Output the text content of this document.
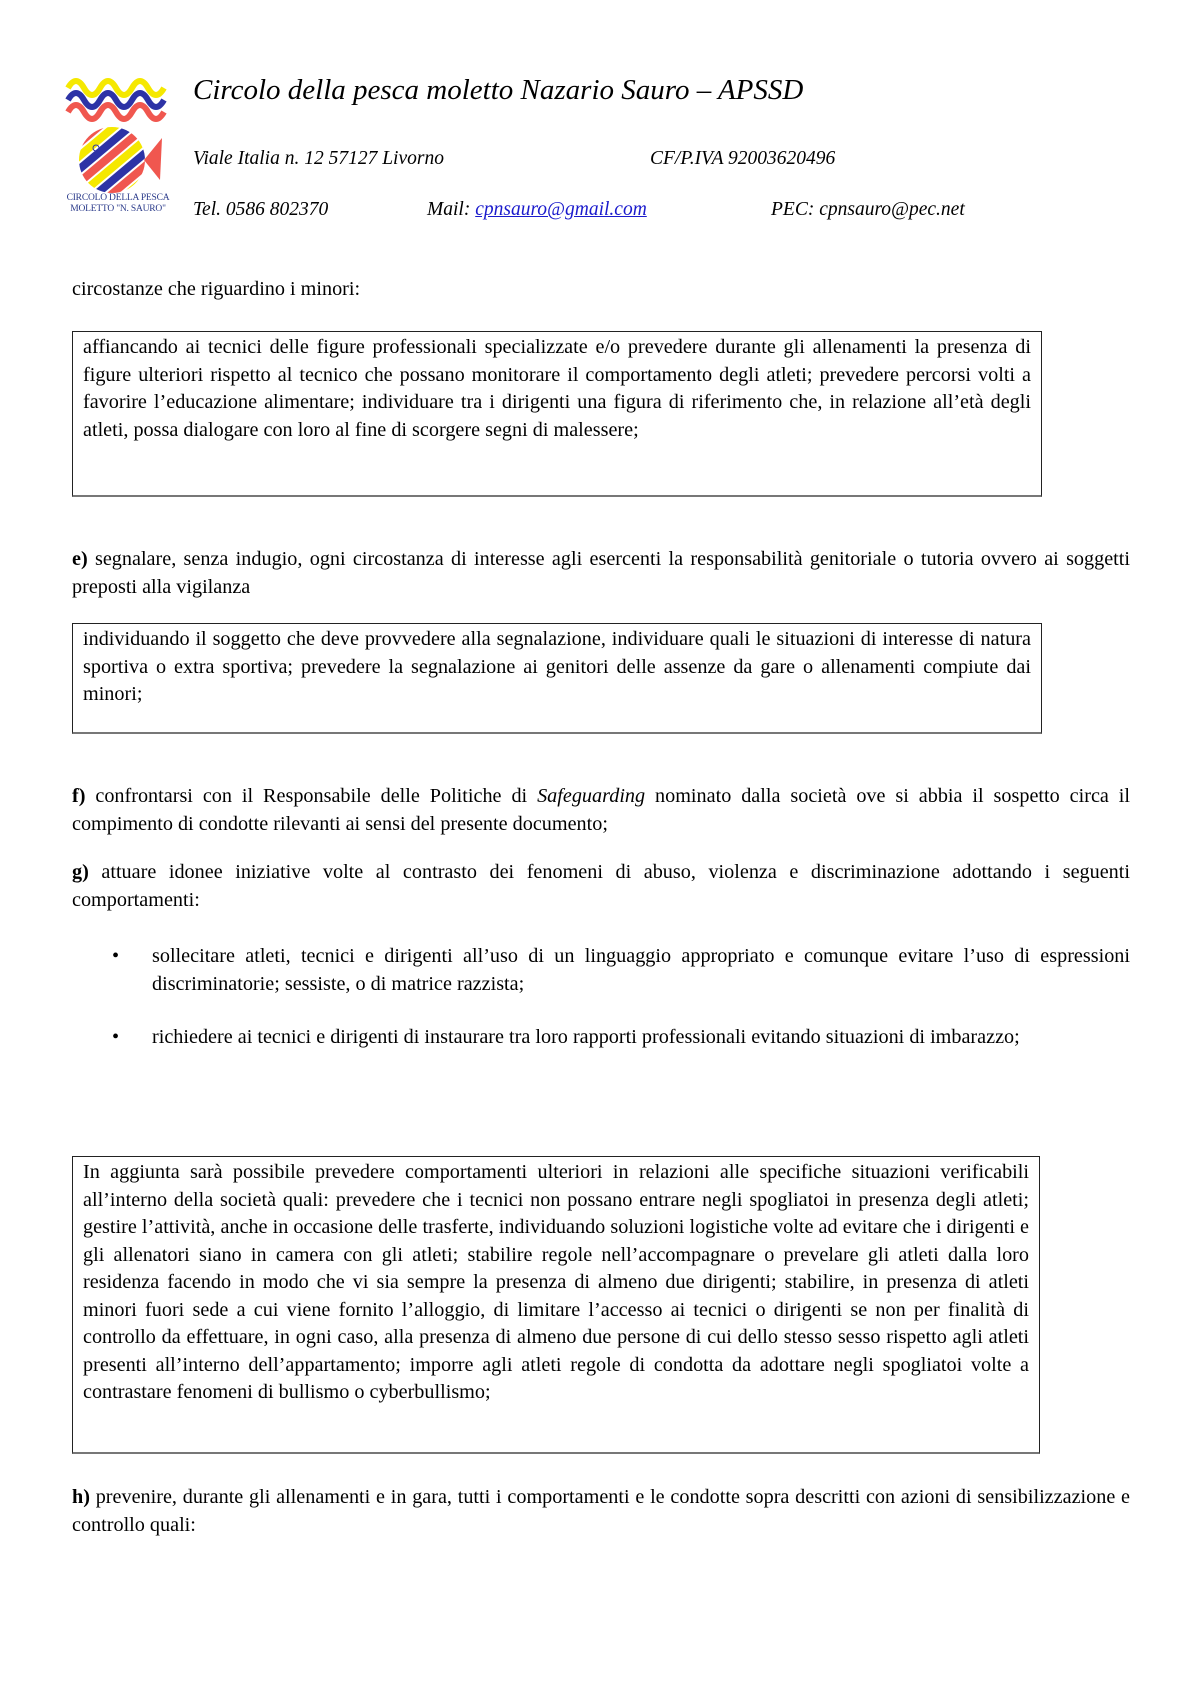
CIRCOLO DELLA PESCA
MOLETTO "N. SAURO"
Circolo della pesca moletto Nazario Sauro – APSSD
Viale Italia n. 12 57127 Livorno	CF/P.IVA 92003620496
Tel. 0586 802370	Mail: cpnsauro@gmail.com	PEC: cpnsauro@pec.net
circostanze che riguardino i minori:
affiancando ai tecnici delle figure professionali specializzate e/o prevedere durante gli allenamenti la presenza di figure ulteriori rispetto al tecnico che possano monitorare il comportamento degli atleti; prevedere percorsi volti a favorire l’educazione alimentare; individuare tra i dirigenti una figura di riferimento che, in relazione all’età degli atleti, possa dialogare con loro al fine di scorgere segni di malessere;
e) segnalare, senza indugio, ogni circostanza di interesse agli esercenti la responsabilità genitoriale o tutoria ovvero ai soggetti preposti alla vigilanza
individuando il soggetto che deve provvedere alla segnalazione, individuare quali le situazioni di interesse di natura sportiva o extra sportiva; prevedere la segnalazione ai genitori delle assenze da gare o allenamenti compiute dai minori;
f) confrontarsi con il Responsabile delle Politiche di Safeguarding nominato dalla società ove si abbia il sospetto circa il compimento di condotte rilevanti ai sensi del presente documento;
g) attuare idonee iniziative volte al contrasto dei fenomeni di abuso, violenza e discriminazione adottando i seguenti comportamenti:
• sollecitare atleti, tecnici e dirigenti all’uso di un linguaggio appropriato e comunque evitare l’uso di espressioni discriminatorie; sessiste, o di matrice razzista;
• richiedere ai tecnici e dirigenti di instaurare tra loro rapporti professionali evitando situazioni di imbarazzo;
In aggiunta sarà possibile prevedere comportamenti ulteriori in relazioni alle specifiche situazioni verificabili all’interno della società quali: prevedere che i tecnici non possano entrare negli spogliatoi in presenza degli atleti; gestire l’attività, anche in occasione delle trasferte, individuando soluzioni logistiche volte ad evitare che i dirigenti e gli allenatori siano in camera con gli atleti; stabilire regole nell’accompagnare o prevelare gli atleti dalla loro residenza facendo in modo che vi sia sempre la presenza di almeno due dirigenti; stabilire, in presenza di atleti minori fuori sede a cui viene fornito l’alloggio, di limitare l’accesso ai tecnici o dirigenti se non per finalità di controllo da effettuare, in ogni caso, alla presenza di almeno due persone di cui dello stesso sesso rispetto agli atleti presenti all’interno dell’appartamento; imporre agli atleti regole di condotta da adottare negli spogliatoi volte a contrastare fenomeni di bullismo o cyberbullismo;
h) prevenire, durante gli allenamenti e in gara, tutti i comportamenti e le condotte sopra descritti con azioni di sensibilizzazione e controllo quali:
